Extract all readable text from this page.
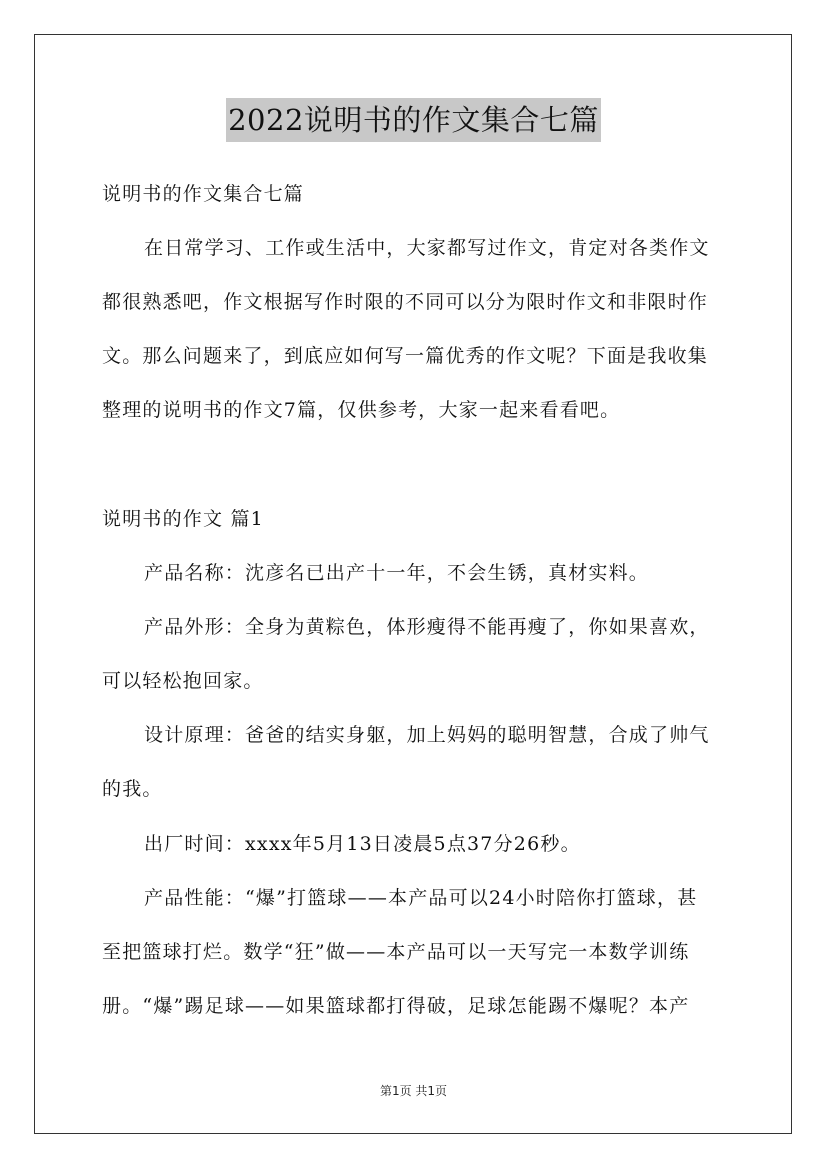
2022说明书的作文集合七篇
说明书的作文集合七篇
在日常学习、工作或生活中，大家都写过作文，肯定对各类作文
都很熟悉吧，作文根据写作时限的不同可以分为限时作文和非限时作
文。那么问题来了，到底应如何写一篇优秀的作文呢？下面是我收集
整理的说明书的作文7篇，仅供参考，大家一起来看看吧。
说明书的作文 篇1
产品名称：沈彦名已出产十一年，不会生锈，真材实料。
产品外形：全身为黄粽色，体形瘦得不能再瘦了，你如果喜欢，
可以轻松抱回家。
设计原理：爸爸的结实身躯，加上妈妈的聪明智慧，合成了帅气
的我。
出厂时间：xxxx年5月13日凌晨5点37分26秒。
产品性能：“爆”打篮球——本产品可以24小时陪你打篮球，甚
至把篮球打烂。数学“狂”做——本产品可以一天写完一本数学训练
册。“爆”踢足球——如果篮球都打得破，足球怎能踢不爆呢？本产
第1页 共1页
